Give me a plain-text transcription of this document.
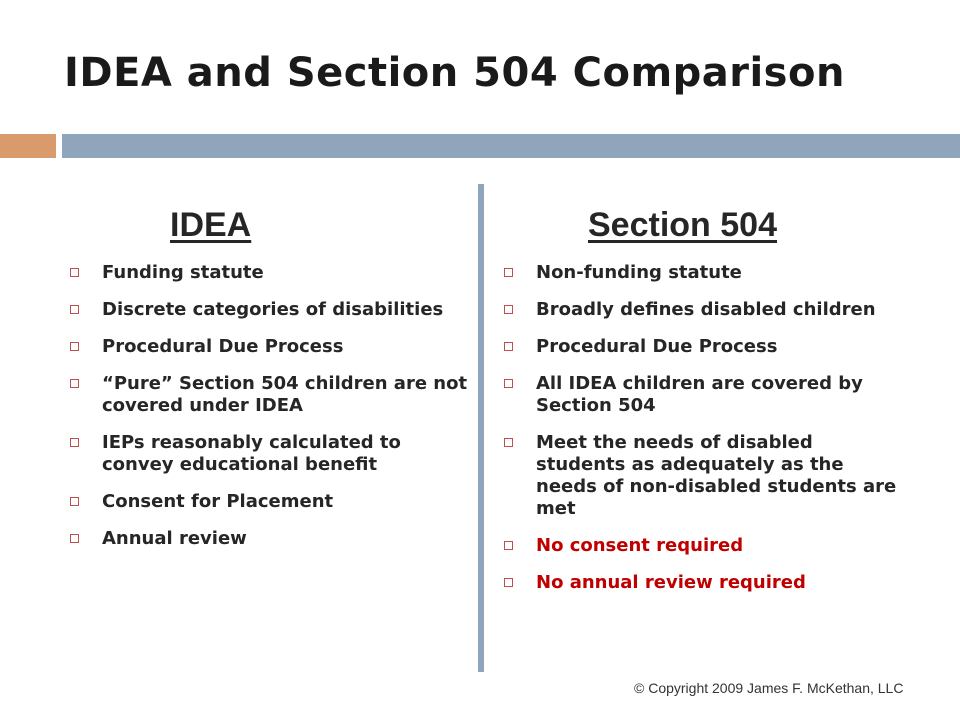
IDEA and Section 504 Comparison
IDEA	Section 504
Funding statute
Discrete categories of disabilities
Procedural Due Process
“Pure” Section 504 children are not covered under IDEA
IEPs reasonably calculated to convey educational benefit
Consent for Placement
Annual review
Non-funding statute
Broadly defines disabled children
Procedural Due Process
All IDEA children are covered by Section 504
Meet the needs of disabled students as adequately as the needs of non-disabled students are met
No consent required
No annual review required
© Copyright 2009 James F. McKethan, LLC
